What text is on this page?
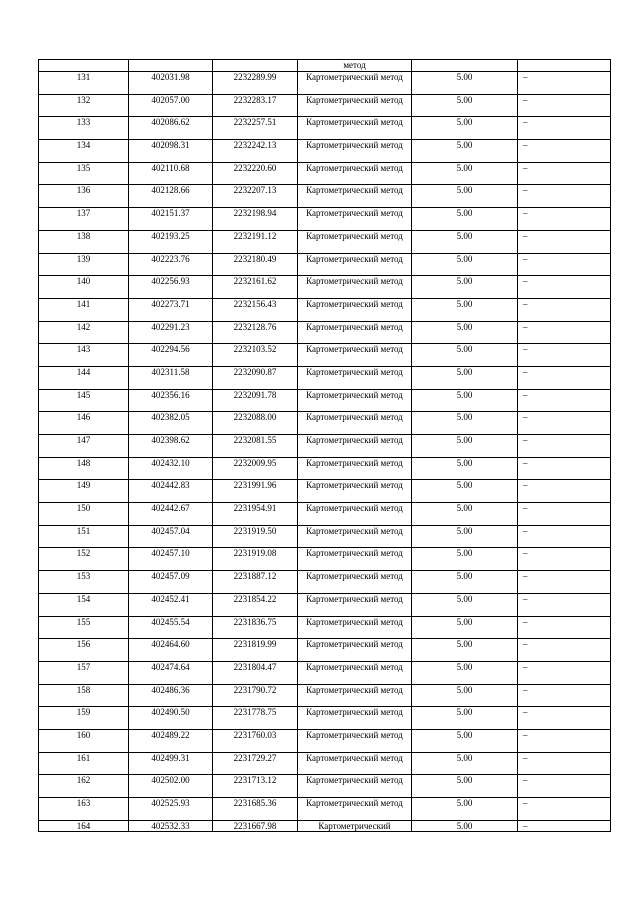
			метод		
131	402031.98	2232289.99	Картометрический метод	5.00	–
132	402057.00	2232283.17	Картометрический метод	5.00	–
133	402086.62	2232257.51	Картометрический метод	5.00	–
134	402098.31	2232242.13	Картометрический метод	5.00	–
135	402110.68	2232220.60	Картометрический метод	5.00	–
136	402128.66	2232207.13	Картометрический метод	5.00	–
137	402151.37	2232198.94	Картометрический метод	5.00	–
138	402193.25	2232191.12	Картометрический метод	5.00	–
139	402223.76	2232180.49	Картометрический метод	5.00	–
140	402256.93	2232161.62	Картометрический метод	5.00	–
141	402273.71	2232156.43	Картометрический метод	5.00	–
142	402291.23	2232128.76	Картометрический метод	5.00	–
143	402294.56	2232103.52	Картометрический метод	5.00	–
144	402311.58	2232090.87	Картометрический метод	5.00	–
145	402356.16	2232091.78	Картометрический метод	5.00	–
146	402382.05	2232088.00	Картометрический метод	5.00	–
147	402398.62	2232081.55	Картометрический метод	5.00	–
148	402432.10	2232009.95	Картометрический метод	5.00	–
149	402442.83	2231991.96	Картометрический метод	5.00	–
150	402442.67	2231954.91	Картометрический метод	5.00	–
151	402457.04	2231919.50	Картометрический метод	5.00	–
152	402457.10	2231919.08	Картометрический метод	5.00	–
153	402457.09	2231887.12	Картометрический метод	5.00	–
154	402452.41	2231854.22	Картометрический метод	5.00	–
155	402455.54	2231836.75	Картометрический метод	5.00	–
156	402464.60	2231819.99	Картометрический метод	5.00	–
157	402474.64	2231804.47	Картометрический метод	5.00	–
158	402486.36	2231790.72	Картометрический метод	5.00	–
159	402490.50	2231778.75	Картометрический метод	5.00	–
160	402489.22	2231760.03	Картометрический метод	5.00	–
161	402499.31	2231729.27	Картометрический метод	5.00	–
162	402502.00	2231713.12	Картометрический метод	5.00	–
163	402525.93	2231685.36	Картометрический метод	5.00	–
164	402532.33	2231667.98	Картометрический	5.00	–
